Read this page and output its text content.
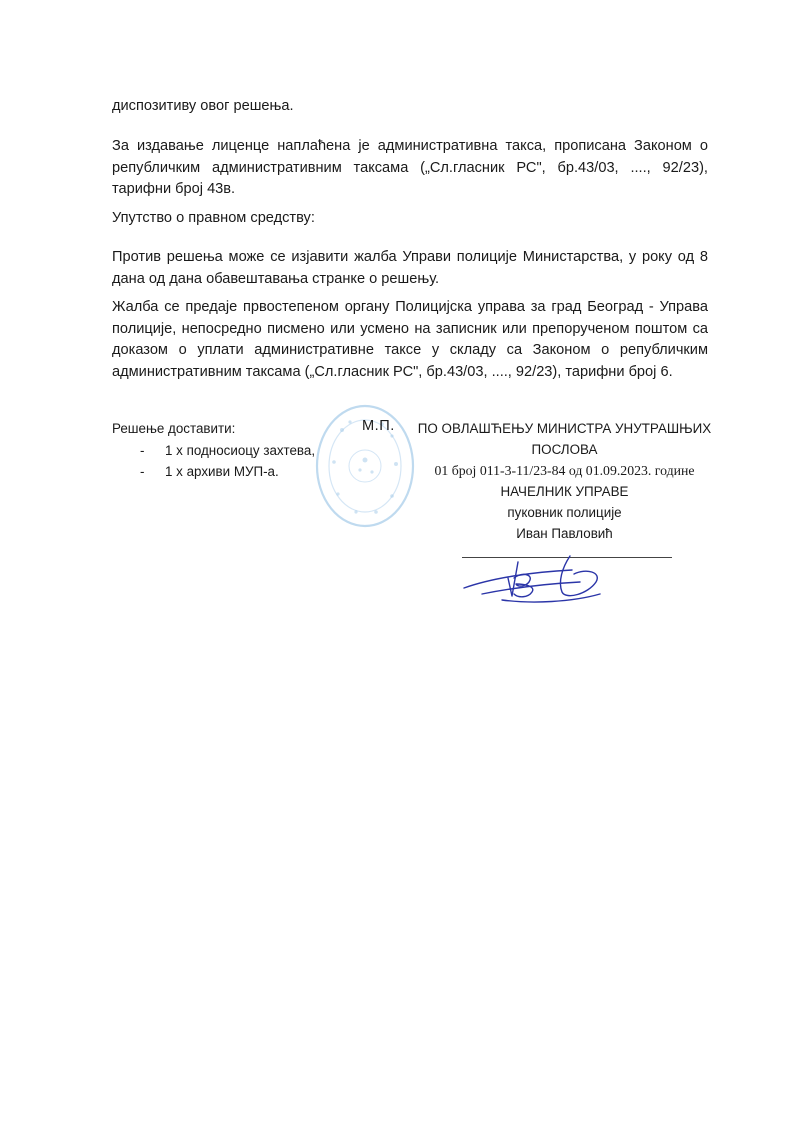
диспозитиву овог решења.
За издавање лиценце наплаћена је административна такса, прописана Законом о републичким административним таксама („Сл.гласник РС", бр.43/03, ...., 92/23), тарифни број 43в.
Упутство о правном средству:
Против решења може се изјавити жалба Управи полиције Министарства, у року од 8 дана од дана обавештавања странке о решењу.
Жалба се предаје првостепеном органу Полицијска управа за град Београд - Управа полиције, непосредно писмено или усмено на записник или препорученом поштом са доказом о уплати административне таксе у складу са Законом о републичким административним таксама („Сл.гласник РС", бр.43/03, ...., 92/23), тарифни број 6.
Решење доставити:
- 1 x подносиоцу захтева,
- 1 x архиви МУП-а.
М.П.	ПО ОВЛАШЋЕЊУ МИНИСТРА УНУТРАШЊИХ
ПОСЛОВА
01 број 011-3-11/23-84 од 01.09.2023. године
НАЧЕЛНИК УПРАВЕ
пуковник полиције
Иван Павловић
